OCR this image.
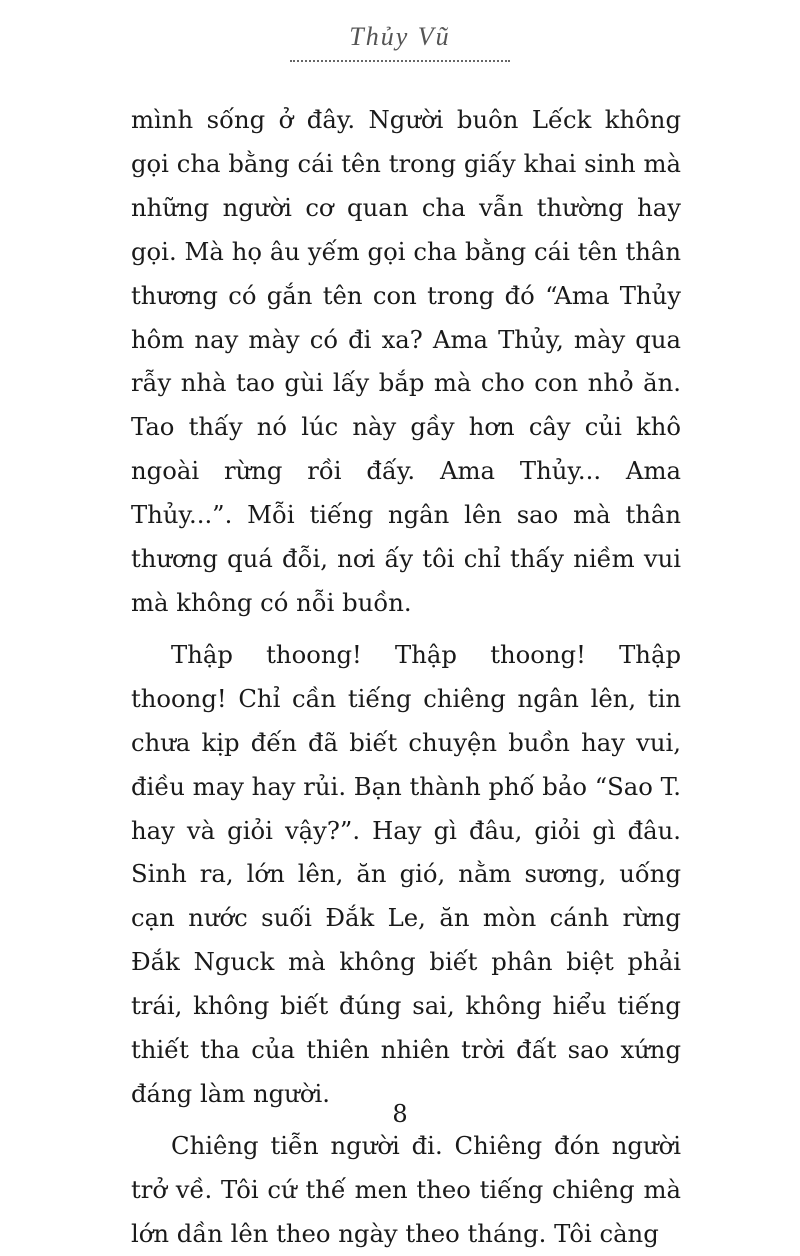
Thủy Vũ

mình sống ở đây. Người buôn Lếck không gọi cha bằng cái tên trong giấy khai sinh mà những người cơ quan cha vẫn thường hay gọi. Mà họ âu yếm gọi cha bằng cái tên thân thương có gắn tên con trong đó “Ama Thủy hôm nay mày có đi xa? Ama Thủy, mày qua rẫy nhà tao gùi lấy bắp mà cho con nhỏ ăn. Tao thấy nó lúc này gầy hơn cây củi khô ngoài rừng rồi đấy. Ama Thủy... Ama Thủy...”. Mỗi tiếng ngân lên sao mà thân thương quá đỗi, nơi ấy tôi chỉ thấy niềm vui mà không có nỗi buồn.

Thập thoong! Thập thoong! Thập thoong! Chỉ cần tiếng chiêng ngân lên, tin chưa kịp đến đã biết chuyện buồn hay vui, điều may hay rủi. Bạn thành phố bảo “Sao T. hay và giỏi vậy?”. Hay gì đâu, giỏi gì đâu. Sinh ra, lớn lên, ăn gió, nằm sương, uống cạn nước suối Đắk Le, ăn mòn cánh rừng Đắk Nguck mà không biết phân biệt phải trái, không biết đúng sai, không hiểu tiếng thiết tha của thiên nhiên trời đất sao xứng đáng làm người.

Chiêng tiễn người đi. Chiêng đón người trở về. Tôi cứ thế men theo tiếng chiêng mà lớn dần lên theo ngày theo tháng. Tôi càng

8
